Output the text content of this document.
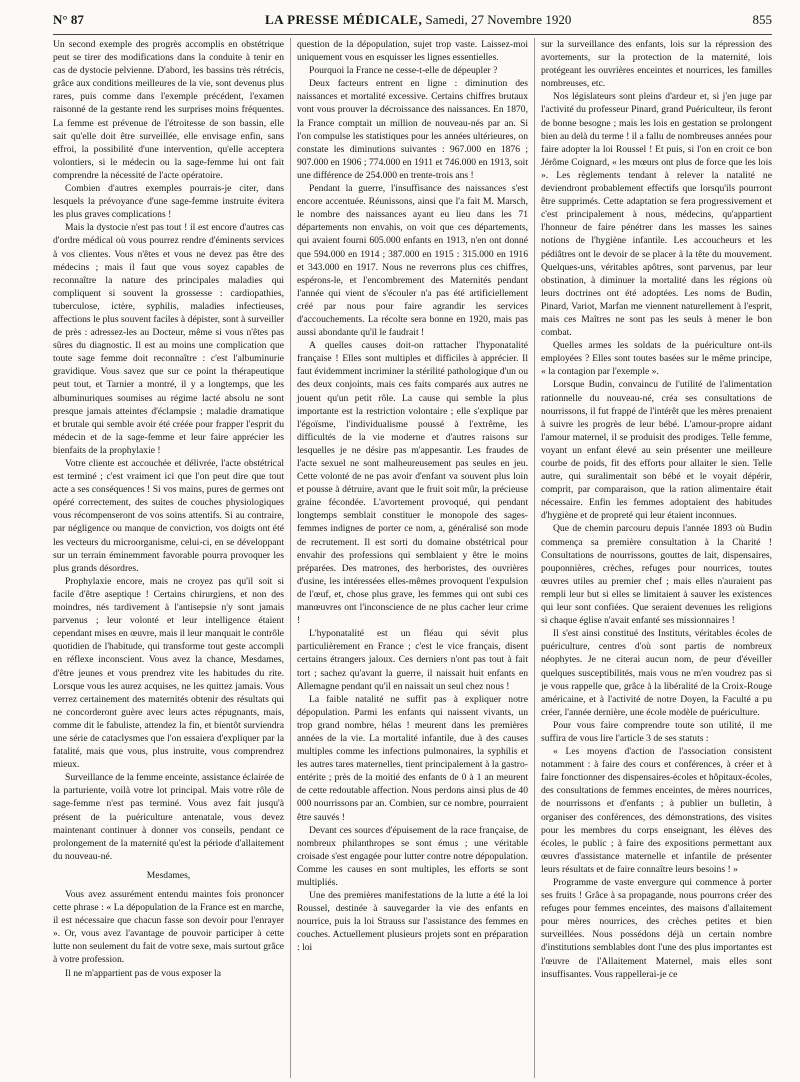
N° 87	LA PRESSE MÉDICALE, Samedi, 27 Novembre 1920	855

Un second exemple des progrès accomplis en obstétrique peut se tirer des modifications dans la conduite à tenir en cas de dystocie pelvienne. D'abord, les bassins très rétrécis, grâce aux conditions meilleures de la vie, sont devenus plus rares, puis comme dans l'exemple précédent, l'examen raisonné de la gestante rend les surprises moins fréquentes. La femme est prévenue de l'étroitesse de son bassin, elle sait qu'elle doit être surveillée, elle envisage enfin, sans effroi, la possibilité d'une intervention, qu'elle acceptera volontiers, si le médecin ou la sage-femme lui ont fait comprendre la nécessité de l'acte opératoire.

Combien d'autres exemples pourrais-je citer, dans lesquels la prévoyance d'une sage-femme instruite évitera les plus graves complications !

Mais la dystocie n'est pas tout ! il est encore d'autres cas d'ordre médical où vous pourrez rendre d'éminents services à vos clientes. Vous n'êtes et vous ne devez pas être des médecins ; mais il faut que vous soyez capables de reconnaître la nature des principales maladies qui compliquent si souvent la grossesse : cardiopathies, tuberculose, ictère, syphilis, maladies infectieuses, affections le plus souvent faciles à dépister, sont à surveiller de près : adressez-les au Docteur, même si vous n'êtes pas sûres du diagnostic. Il est au moins une complication que toute sage femme doit reconnaître : c'est l'albuminurie gravidique. Vous savez que sur ce point la thérapeutique peut tout, et Tarnier a montré, il y a longtemps, que les albuminuriques soumises au régime lacté absolu ne sont presque jamais atteintes d'éclampsie ; maladie dramatique et brutale qui semble avoir été créée pour frapper l'esprit du médecin et de la sage-femme et leur faire apprécier les bienfaits de la prophylaxie !

Votre cliente est accouchée et délivrée, l'acte obstétrical est terminé ; c'est vraiment ici que l'on peut dire que tout acte a ses conséquences ! Si vos mains, pures de germes ont opéré correctement, des suites de couches physiologiques vous récompenseront de vos soins attentifs. Si au contraire, par négligence ou manque de conviction, vos doigts ont été les vecteurs du microorganisme, celui-ci, en se développant sur un terrain éminemment favorable pourra provoquer les plus grands désordres.

Prophylaxie encore, mais ne croyez pas qu'il soit si facile d'être aseptique ! Certains chirurgiens, et non des moindres, nés tardivement à l'antisepsie n'y sont jamais parvenus ; leur volonté et leur intelligence étaient cependant mises en œuvre, mais il leur manquait le contrôle quotidien de l'habitude, qui transforme tout geste accompli en réflexe inconscient. Vous avez la chance, Mesdames, d'être jeunes et vous prendrez vite les habitudes du rite. Lorsque vous les aurez acquises, ne les quittez jamais. Vous verrez certainement des maternités obtenir des résultats qui ne concorderont guère avec leurs actes répugnants, mais, comme dit le fabuliste, attendez la fin, et bientôt surviendra une série de cataclysmes que l'on essaiera d'expliquer par la fatalité, mais que vous, plus instruite, vous comprendrez mieux.

Surveillance de la femme enceinte, assistance éclairée de la parturiente, voilà votre lot principal. Mais votre rôle de sage-femme n'est pas terminé. Vous avez fait jusqu'à présent de la puériculture antenatale, vous devez maintenant continuer à donner vos conseils, pendant ce prolongement de la maternité qu'est la période d'allaitement du nouveau-né.

Mesdames,

Vous avez assurément entendu maintes fois prononcer cette phrase : « La dépopulation de la France est en marche, il est nécessaire que chacun fasse son devoir pour l'enrayer ». Or, vous avez l'avantage de pouvoir participer à cette lutte non seulement du fait de votre sexe, mais surtout grâce à votre profession.

Il ne m'appartient pas de vous exposer la

question de la dépopulation, sujet trop vaste. Laissez-moi uniquement vous en esquisser les lignes essentielles.

Pourquoi la France ne cesse-t-elle de dépeupler ?

Deux facteurs entrent en ligne : diminution des naissances et mortalité excessive. Certains chiffres brutaux vont vous prouver la décroissance des naissances. En 1870, la France comptait un million de nouveau-nés par an. Si l'on compulse les statistiques pour les années ultérieures, on constate les diminutions suivantes : 967.000 en 1876 ; 907.000 en 1906 ; 774.000 en 1911 et 746.000 en 1913, soit une différence de 254.000 en trente-trois ans !

Pendant la guerre, l'insuffisance des naissances s'est encore accentuée. Réunissons, ainsi que l'a fait M. Marsch, le nombre des naissances ayant eu lieu dans les 71 départements non envahis, on voit que ces départements, qui avaient fourni 605.000 enfants en 1913, n'en ont donné que 594.000 en 1914 ; 387.000 en 1915 : 315.000 en 1916 et 343.000 en 1917. Nous ne reverrons plus ces chiffres, espérons-le, et l'encombrement des Maternités pendant l'année qui vient de s'écouler n'a pas été artificiellement créé par nous pour faire agrandir les services d'accouchements. La récolte sera bonne en 1920, mais pas aussi abondante qu'il le faudrait !

A quelles causes doit-on rattacher l'hyponatalité française ! Elles sont multiples et difficiles à apprécier. Il faut évidemment incriminer la stérilité pathologique d'un ou des deux conjoints, mais ces faits comparés aux autres ne jouent qu'un petit rôle. La cause qui semble la plus importante est la restriction volontaire ; elle s'explique par l'égoïsme, l'individualisme poussé à l'extrême, les difficultés de la vie moderne et d'autres raisons sur lesquelles je ne désire pas m'appesantir. Les fraudes de l'acte sexuel ne sont malheureusement pas seules en jeu. Cette volonté de ne pas avoir d'enfant va souvent plus loin et pousse à détruire, avant que le fruit soit mûr, la précieuse graine fécondée. L'avortement provoqué, qui pendant longtemps semblait constituer le monopole des sages-femmes indignes de porter ce nom, a, généralisé son mode de recrutement. Il est sorti du domaine obstétrical pour envahir des professions qui semblaient y être le moins préparées. Des matrones, des herboristes, des ouvrières d'usine, les intéressées elles-mêmes provoquent l'expulsion de l'œuf, et, chose plus grave, les femmes qui ont subi ces manœuvres ont l'inconscience de ne plus cacher leur crime !

L'hyponatalité est un fléau qui sévit plus particulièrement en France ; c'est le vice français, disent certains étrangers jaloux. Ces derniers n'ont pas tout à fait tort ; sachez qu'avant la guerre, il naissait huit enfants en Allemagne pendant qu'il en naissait un seul chez nous !

La faible natalité ne suffit pas à expliquer notre dépopulation. Parmi les enfants qui naissent vivants, un trop grand nombre, hélas ! meurent dans les premières années de la vie. La mortalité infantile, due à des causes multiples comme les infections pulmonaires, la syphilis et les autres tares maternelles, tient principalement à la gastro-entérite ; près de la moitié des enfants de 0 à 1 an meurent de cette redoutable affection. Nous perdons ainsi plus de 40 000 nourrissons par an. Combien, sur ce nombre, pourraient être sauvés !

Devant ces sources d'épuisement de la race française, de nombreux philanthropes se sont émus ; une véritable croisade s'est engagée pour lutter contre notre dépopulation. Comme les causes en sont multiples, les efforts se sont multipliés.

Une des premières manifestations de la lutte a été la loi Roussel, destinée à sauvegarder la vie des enfants en nourrice, puis la loi Strauss sur l'assistance des femmes en couches. Actuellement plusieurs projets sont en préparation : loi

sur la surveillance des enfants, lois sur la répression des avortements, sur la protection de la maternité, lois protégeant les ouvrières enceintes et nourrices, les familles nombreuses, etc.

Nos législateurs sont pleins d'ardeur et, si j'en juge par l'activité du professeur Pinard, grand Puériculteur, ils feront de bonne besogne ; mais les lois en gestation se prolongent bien au delà du terme ! il a fallu de nombreuses années pour faire adopter la loi Roussel ! Et puis, si l'on en croit ce bon Jérôme Coignard, « les mœurs ont plus de force que les lois ». Les règlements tendant à relever la natalité ne deviendront probablement effectifs que lorsqu'ils pourront être supprimés. Cette adaptation se fera progressivement et c'est principalement à nous, médecins, qu'appartient l'honneur de faire pénétrer dans les masses les saines notions de l'hygiène infantile. Les accoucheurs et les pédiâtres ont le devoir de se placer à la tête du mouvement. Quelques-uns, véritables apôtres, sont parvenus, par leur obstination, à diminuer la mortalité dans les régions où leurs doctrines ont été adoptées. Les noms de Budin, Pinard, Variot, Marfan me viennent naturellement à l'esprit, mais ces Maîtres ne sont pas les seuls à mener le bon combat.

Quelles armes les soldats de la puériculture ont-ils employées ? Elles sont toutes basées sur le même principe, « la contagion par l'exemple ».

Lorsque Budin, convaincu de l'utilité de l'alimentation rationnelle du nouveau-né, créa ses consultations de nourrissons, il fut frappé de l'intérêt que les mères prenaient à suivre les progrès de leur bébé. L'amour-propre aidant l'amour maternel, il se produisit des prodiges. Telle femme, voyant un enfant élevé au sein présenter une meilleure courbe de poids, fit des efforts pour allaiter le sien. Telle autre, qui suralimentait son bébé et le voyait dépérir, comprit, par comparaison, que la ration alimentaire était nécessaire. Enfin les femmes adoptaient des habitudes d'hygiène et de propreté qui leur étaient inconnues.

Que de chemin parcouru depuis l'année 1893 où Budin commença sa première consultation à la Charité ! Consultations de nourrissons, gouttes de lait, dispensaires, pouponnières, crèches, refuges pour nourrices, toutes œuvres utiles au premier chef ; mais elles n'auraient pas rempli leur but si elles se limitaient à sauver les existences qui leur sont confiées. Que seraient devenues les religions si chaque église n'avait enfanté ses missionnaires !

Il s'est ainsi constitué des Instituts, véritables écoles de puériculture, centres d'où sont partis de nombreux néophytes. Je ne citerai aucun nom, de peur d'éveiller quelques susceptibilités, mais vous ne m'en voudrez pas si je vous rappelle que, grâce à la libéralité de la Croix-Rouge américaine, et à l'activité de notre Doyen, la Faculté a pu créer, l'année dernière, une école modèle de puériculture.

Pour vous faire comprendre toute son utilité, il me suffira de vous lire l'article 3 de ses statuts :

« Les moyens d'action de l'association consistent notamment : à faire des cours et conférences, à créer et à faire fonctionner des dispensaires-écoles et hôpitaux-écoles, des consultations de femmes enceintes, de mères nourrices, de nourrissons et d'enfants ; à publier un bulletin, à organiser des conférences, des démonstrations, des visites pour les membres du corps enseignant, les élèves des écoles, le public ; à faire des expositions permettant aux œuvres d'assistance maternelle et infantile de présenter leurs résultats et de faire connaître leurs besoins ! »

Programme de vaste envergure qui commence à porter ses fruits ! Grâce à sa propagande, nous pourrons créer des refuges pour femmes enceintes, des maisons d'allaitement pour mères nourrices, des crèches petites et bien surveillées. Nous possédons déjà un certain nombre d'institutions semblables dont l'une des plus importantes est l'œuvre de l'Allaitement Maternel, mais elles sont insuffisantes. Vous rappellerai-je ce
